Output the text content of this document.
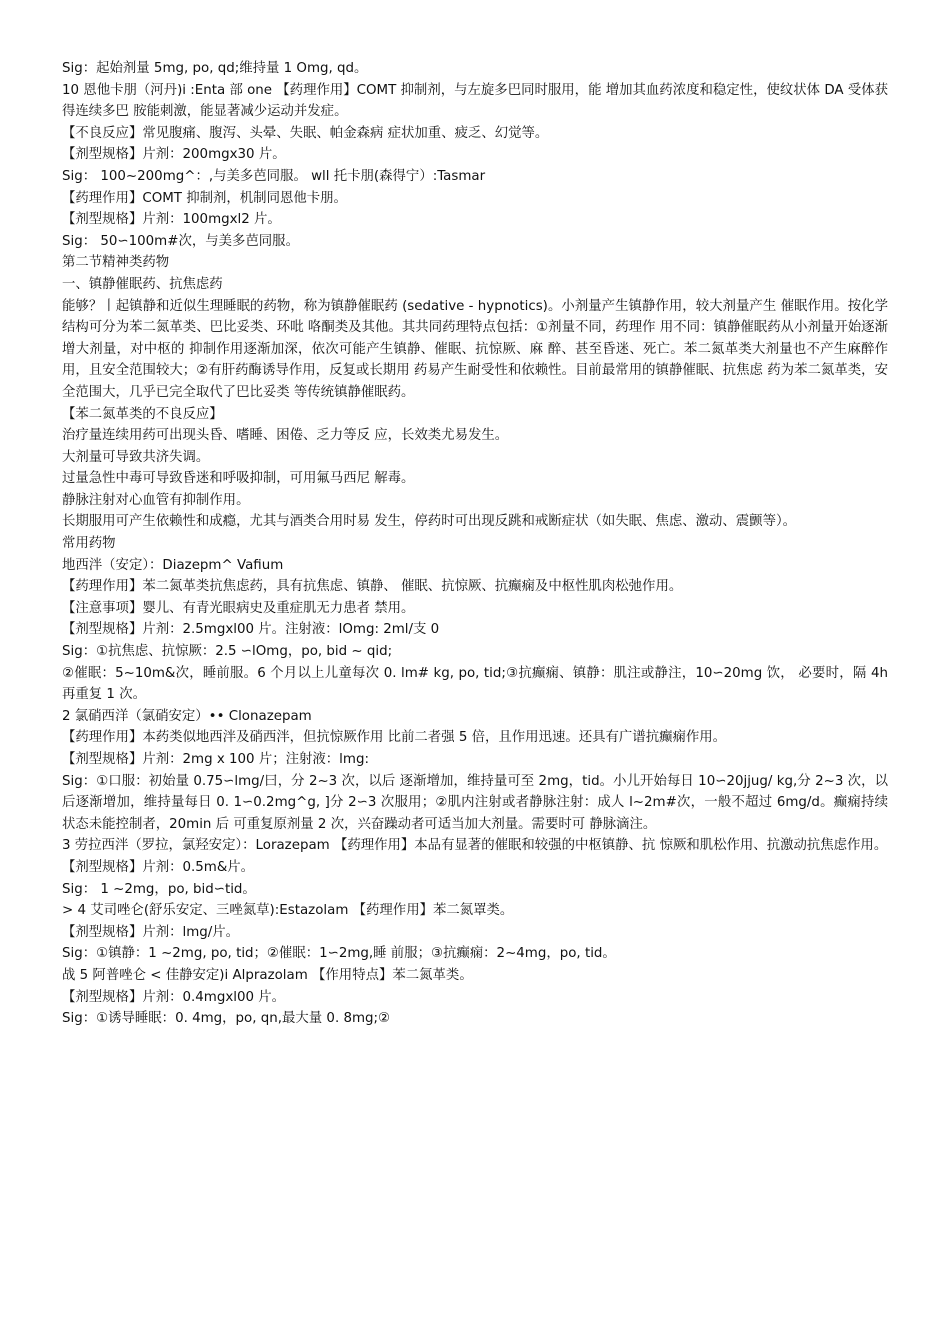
Sig：起始剂量 5mg, po, qd;维持量 1 Omg, qd。
10 恩他卡朋（河丹)i :Enta 部 one 【药理作用】COMT 抑制剂，与左旋多巴同时服用，能 增加其血药浓度和稳定性，使纹状体 DA 受体获得连续多巴 胺能刺激，能显著减少运动并发症。
【不良反应】常见腹痛、腹泻、头晕、失眠、帕金森病 症状加重、疲乏、幻觉等。
【剂型规格】片剂：200mgx30 片。
Sig： 100~200mg^：,与美多芭同服。 wll 托卡朋(森得宁）:Tasmar
【药理作用】COMT 抑制剂，机制同恩他卡朋。
【剂型规格】片剂：100mgxl2 片。
Sig： 50∽100m#次，与美多芭同服。
第二节精神类药物
一、镇静催眠药、抗焦虑药
能够？丨起镇静和近似生理睡眠的药物，称为镇静催眠药 (sedative - hypnotics)。小剂量产生镇静作用，较大剂量产生 催眠作用。按化学结构可分为苯二氮革类、巴比妥类、环吡 咯酮类及其他。其共同药理特点包括：①剂量不同，药理作 用不同：镇静催眠药从小剂量开始逐渐增大剂量，对中枢的 抑制作用逐渐加深，依次可能产生镇静、催眠、抗惊厥、麻 醉、甚至昏迷、死亡。苯二氮革类大剂量也不产生麻醉作 用，且安全范围较大；②有肝药酶诱导作用，反复或长期用 药易产生耐受性和依赖性。目前最常用的镇静催眠、抗焦虑 药为苯二氮革类，安全范围大，几乎已完全取代了巴比妥类 等传统镇静催眠药。
【苯二氮革类的不良反应】
治疗量连续用药可出现头昏、嗜睡、困倦、乏力等反 应，长效类尤易发生。
大剂量可导致共济失调。
过量急性中毒可导致昏迷和呼吸抑制，可用氟马西尼 解毒。
静脉注射对心血管有抑制作用。
长期服用可产生依赖性和成瘾，尤其与酒类合用时易 发生，停药时可出现反跳和戒断症状（如失眠、焦虑、激动、震颤等）。
常用药物
地西泮（安定）：Diazepm^ Vafium
【药理作用】苯二氮革类抗焦虑药，具有抗焦虑、镇静、 催眠、抗惊厥、抗癫痫及中枢性肌肉松弛作用。
【注意事项】婴儿、有青光眼病史及重症肌无力患者 禁用。
【剂型规格】片剂：2.5mgxl00 片。注射液：lOmg: 2ml/支 0
Sig：①抗焦虑、抗惊厥：2.5 ∽lOmg，po, bid ~ qid;
②催眠：5~10m&次，睡前服。6 个月以上儿童每次 0. lm# kg, po, tid;③抗癫痫、镇静：肌注或静注，10∽20mg 饮， 必要时，隔 4h 再重复 1 次。
2 氯硝西洋（氯硝安定）•• Clonazepam
【药理作用】本药类似地西泮及硝西泮，但抗惊厥作用 比前二者强 5 倍，且作用迅速。还具有广谱抗癫痫作用。
【剂型规格】片剂：2mg x 100 片；注射液：lmg:
Sig：①口服：初始量 0.75∽lmg/曰，分 2~3 次，以后 逐渐增加，维持量可至 2mg，tid。小儿开始每日 10∽20jjug/ kg,分 2~3 次，以后逐渐增加，维持量每日 0. 1∽0.2mg^g, ]分 2∽3 次服用；②肌内注射或者静脉注射：成人 l~2m#次，一般不超过 6mg/d。癫痫持续状态未能控制者，20min 后 可重复原剂量 2 次，兴奋躁动者可适当加大剂量。需要时可 静脉滴注。
3 劳拉西泮（罗拉，氯羟安定）：Lorazepam 【药理作用】本品有显著的催眠和较强的中枢镇静、抗 惊厥和肌松作用、抗激动抗焦虑作用。
【剂型规格】片剂：0.5m&片。
Sig： 1 ~2mg，po, bid∽tid。
> 4 艾司唑仑(舒乐安定、三唑氮草):Estazolam 【药理作用】苯二氮罩类。
【剂型规格】片剂：lmg/片。
Sig：①镇静：1 ~2mg, po, tid；②催眠：1∽2mg,睡 前服；③抗癫痫：2~4mg，po, tid。
战 5 阿普唑仑 < 佳静安定)i Alprazolam 【作用特点】苯二氮革类。
【剂型规格】片剂：0.4mgxl00 片。
Sig：①诱导睡眠：0. 4mg，po, qn,最大量 0. 8mg;②
